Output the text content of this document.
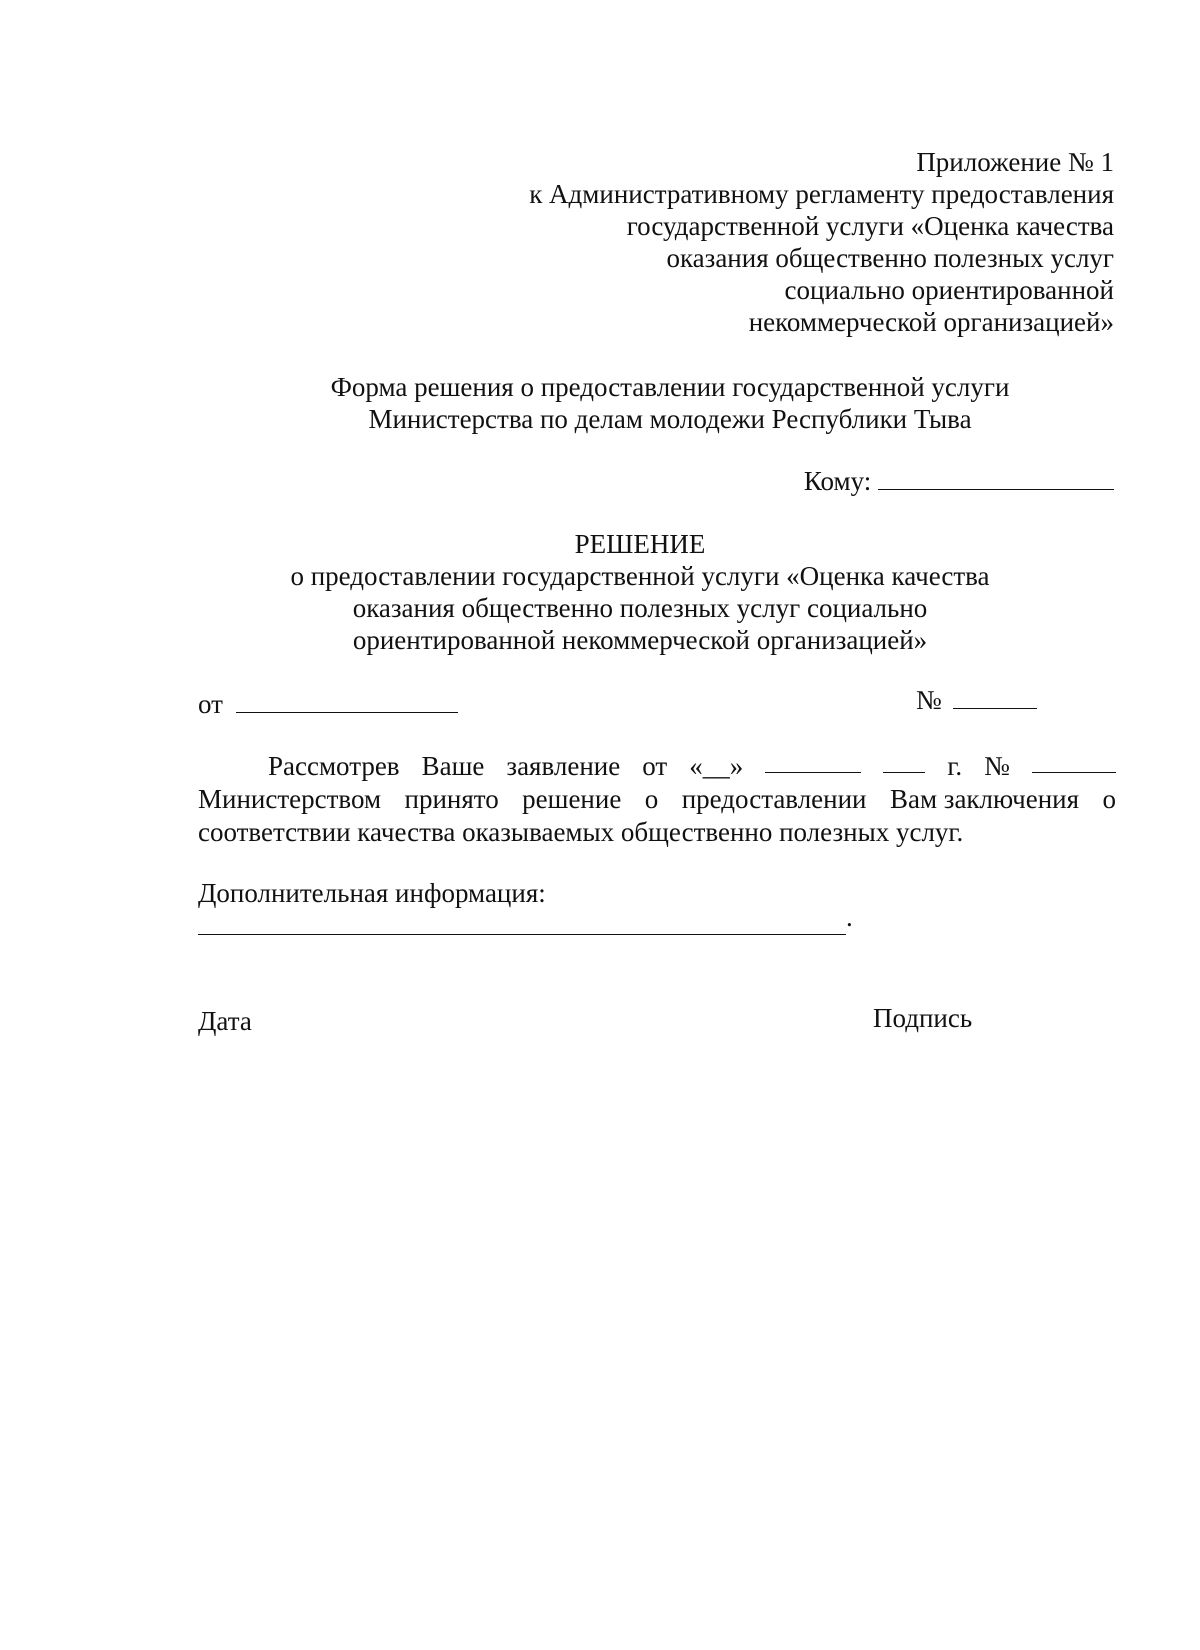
Приложение № 1
к Административному регламенту предоставления
государственной услуги «Оценка качества
оказания общественно полезных услуг
социально ориентированной
некоммерческой организацией»
Форма решения о предоставлении государственной услуги
Министерства по делам молодежи Республики Тыва
Кому:
РЕШЕНИЕ
о предоставлении государственной услуги «Оценка качества
оказания общественно полезных услуг социально
ориентированной некоммерческой организацией»
от	№
Рассмотрев Ваше заявление от «__»	г. №
Министерством принято решение о предоставлении Вам заключения о
соответствии качества оказываемых общественно полезных услуг.
Дополнительная информация:
.
Дата	Подпись
